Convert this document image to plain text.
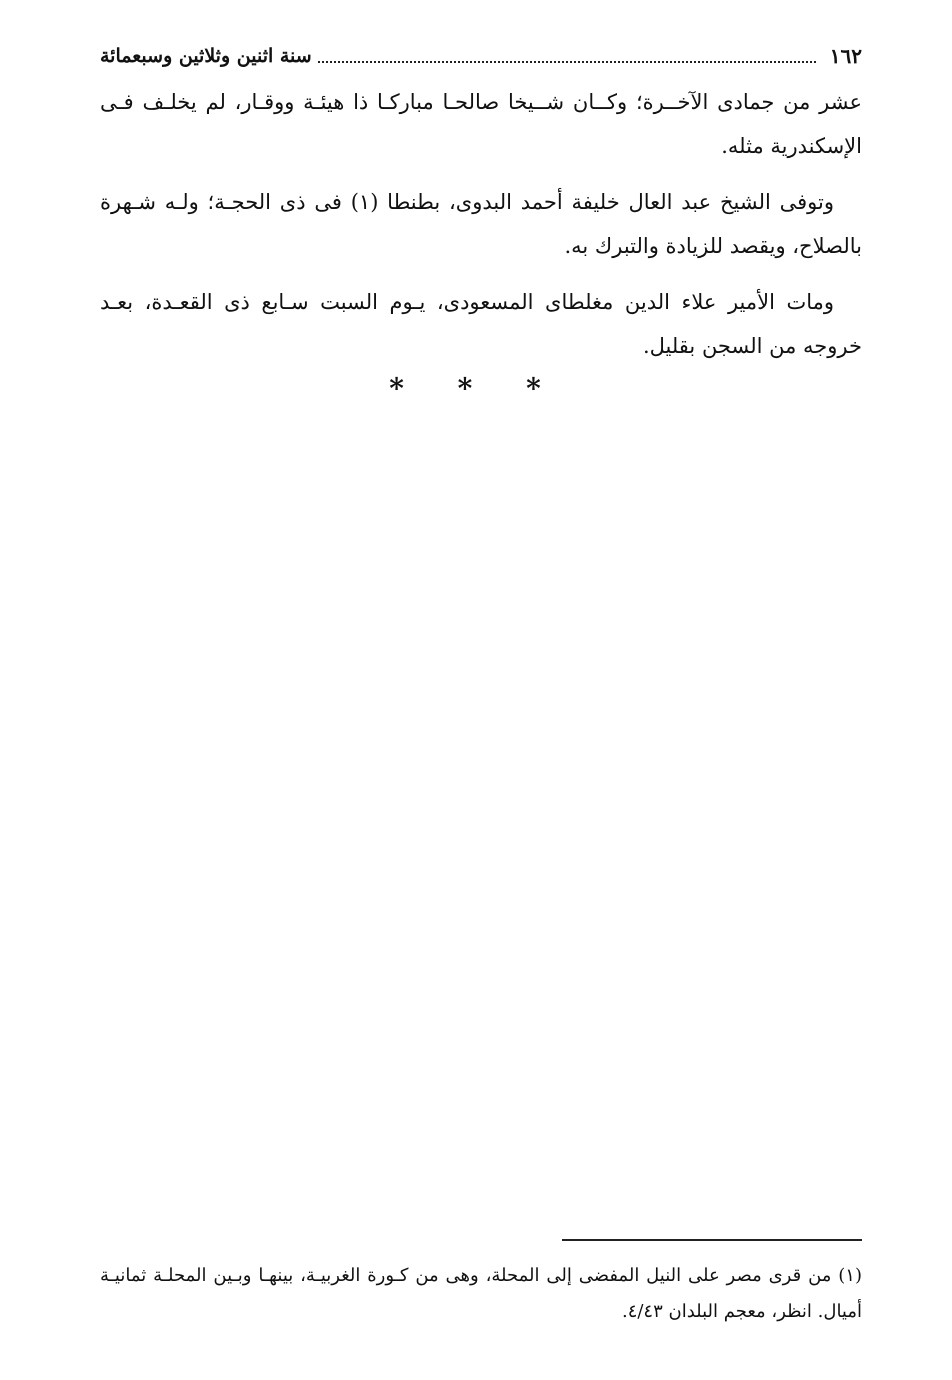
١٦٢
سنة اثنين وثلاثين وسبعمائة

عشر من جمادى الآخــرة؛ وكــان شــيخا صالحـا مباركـا ذا هيئـة ووقـار، لم يخلـف فـى الإسكندرية مثله.

وتوفى الشيخ عبد العال خليفة أحمد البدوى، بطنطا (١) فى ذى الحجـة؛ ولـه شـهرة بالصلاح، ويقصد للزيادة والتبرك به.

ومات الأمير علاء الدين مغلطاى المسعودى، يـوم السبت سـابع ذى القعـدة، بعـد خروجه من السجن بقليل.

* * *
(١) من قرى مصر على النيل المفضى إلى المحلة، وهى من كـورة الغربيـة، بينهـا وبـين المحلـة ثمانيـة أميال. انظر، معجم البلدان ٤/٤٣.
